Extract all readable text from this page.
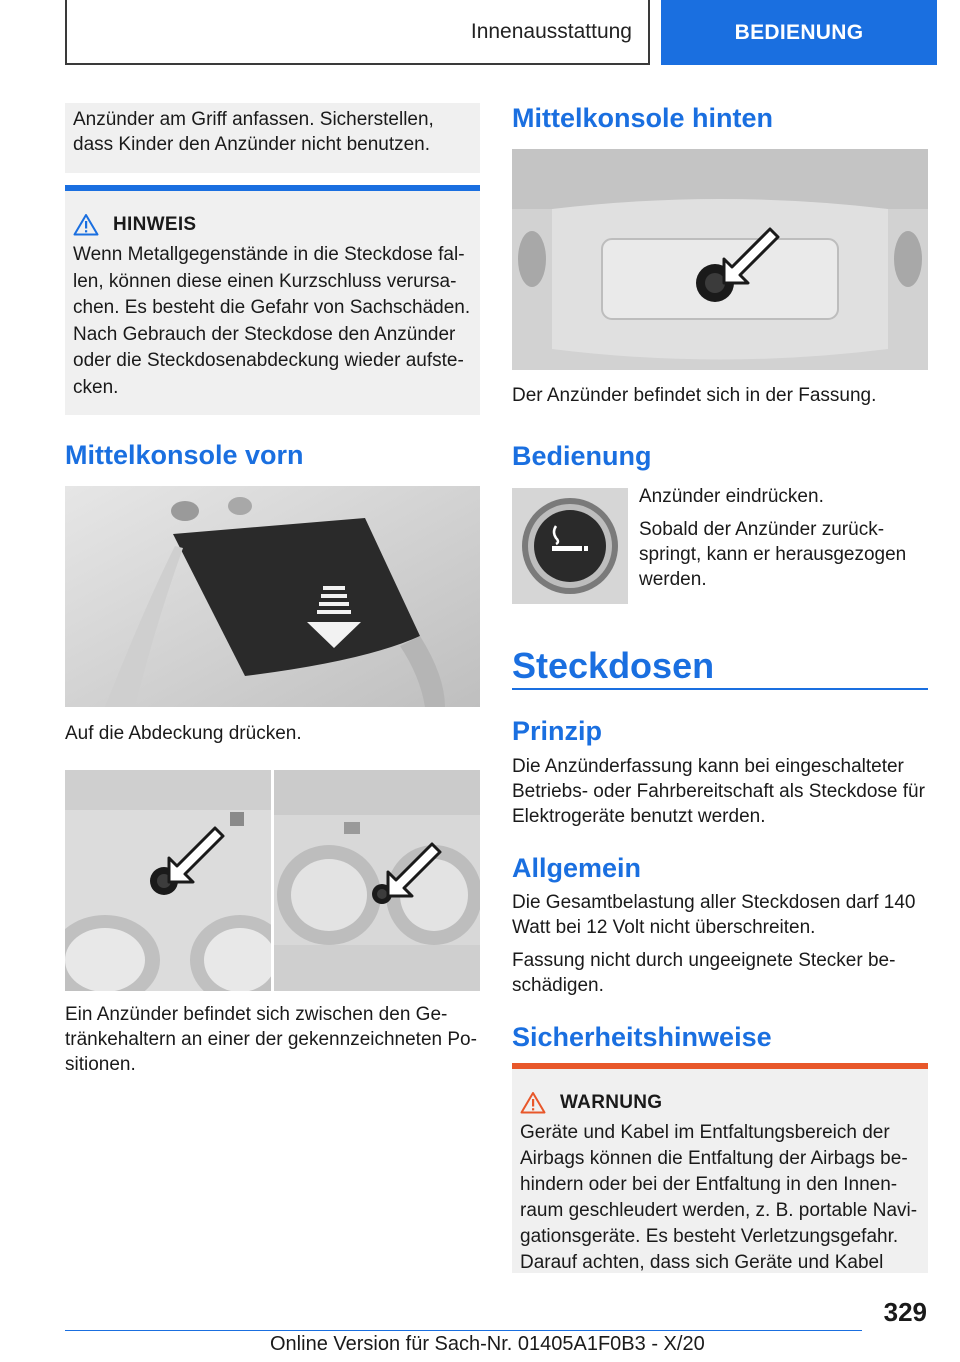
Innenausstattung	BEDIENUNG

Anzünder am Griff anfassen. Sicherstellen, dass Kinder den Anzünder nicht benutzen.

HINWEIS

Wenn Metallgegenstände in die Steckdose fallen, können diese einen Kurzschluss verursachen. Es besteht die Gefahr von Sachschäden. Nach Gebrauch der Steckdose den Anzünder oder die Steckdosenabdeckung wieder aufstecken.

Mittelkonsole vorn

Auf die Abdeckung drücken.

Ein Anzünder befindet sich zwischen den Getränkehaltern an einer der gekennzeichneten Positionen.

Mittelkonsole hinten

Der Anzünder befindet sich in der Fassung.

Bedienung

Anzünder eindrücken.

Sobald der Anzünder zurückspringt, kann er herausgezogen werden.

Steckdosen
Prinzip

Die Anzünderfassung kann bei eingeschalteter Betriebs- oder Fahrbereitschaft als Steckdose für Elektrogeräte benutzt werden.

Allgemein

Die Gesamtbelastung aller Steckdosen darf 140 Watt bei 12 Volt nicht überschreiten.

Fassung nicht durch ungeeignete Stecker beschädigen.

Sicherheitshinweise
WARNUNG

Geräte und Kabel im Entfaltungsbereich der Airbags können die Entfaltung der Airbags behindern oder bei der Entfaltung in den Innenraum geschleudert werden, z. B. portable Navigationsgeräte. Es besteht Verletzungsgefahr. Darauf achten, dass sich Geräte und Kabel

329
Online Version für Sach-Nr. 01405A1F0B3 - X/20
